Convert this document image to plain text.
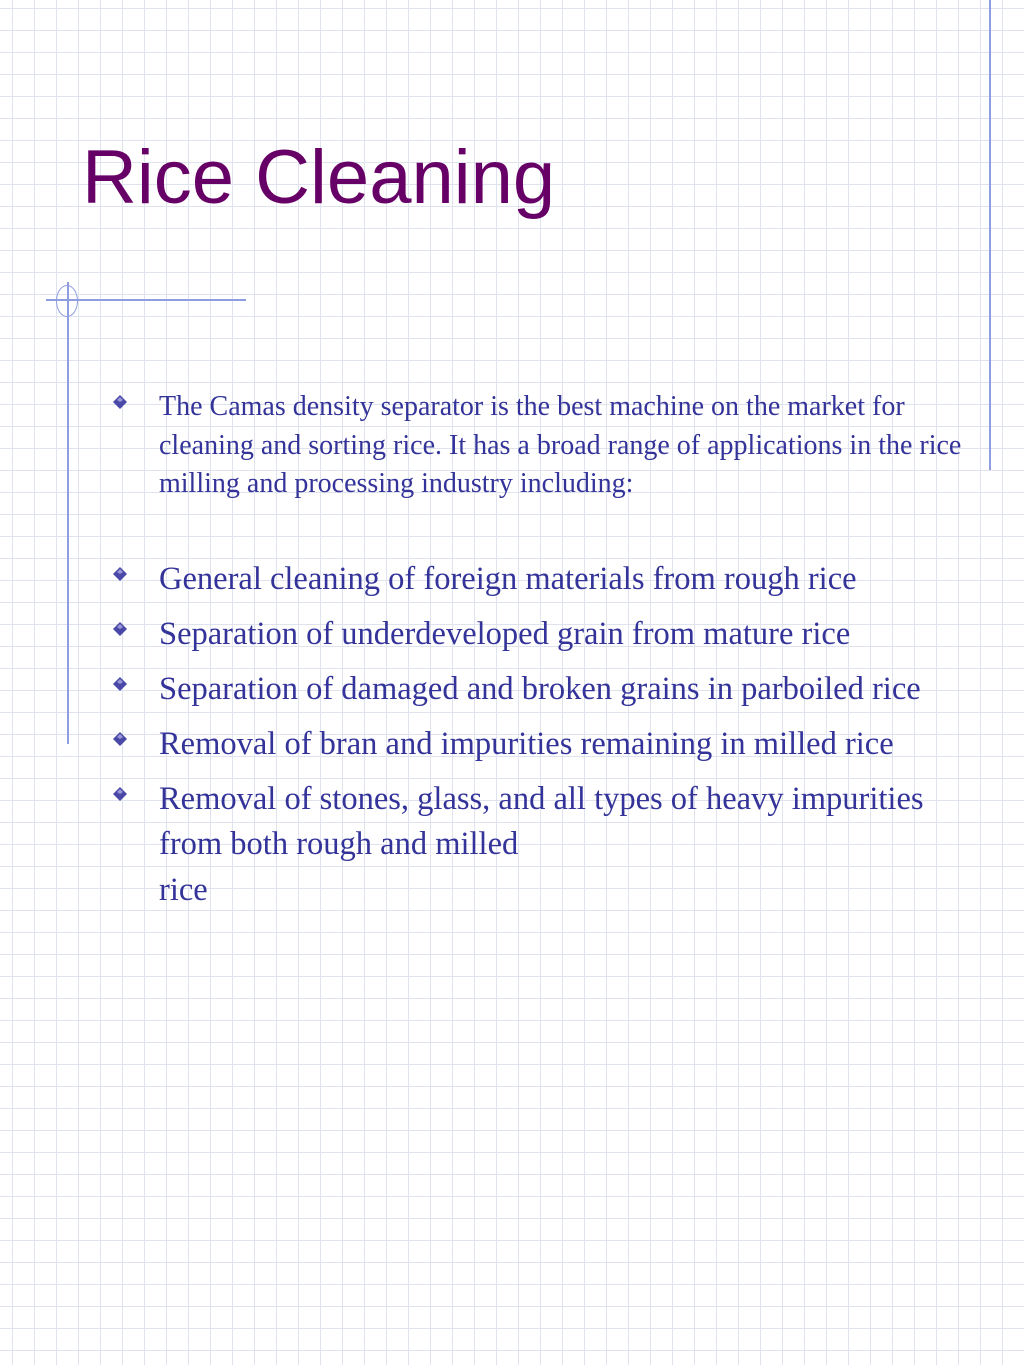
Rice Cleaning
The Camas density separator is the best machine on the market for cleaning and sorting rice. It has a broad range of applications in the rice milling and processing industry including:
General cleaning of foreign materials from rough rice
Separation of underdeveloped grain from mature rice
Separation of damaged and broken grains in parboiled rice
Removal of bran and impurities remaining in milled rice
Removal of stones, glass, and all types of heavy impurities from both rough and milled
rice
